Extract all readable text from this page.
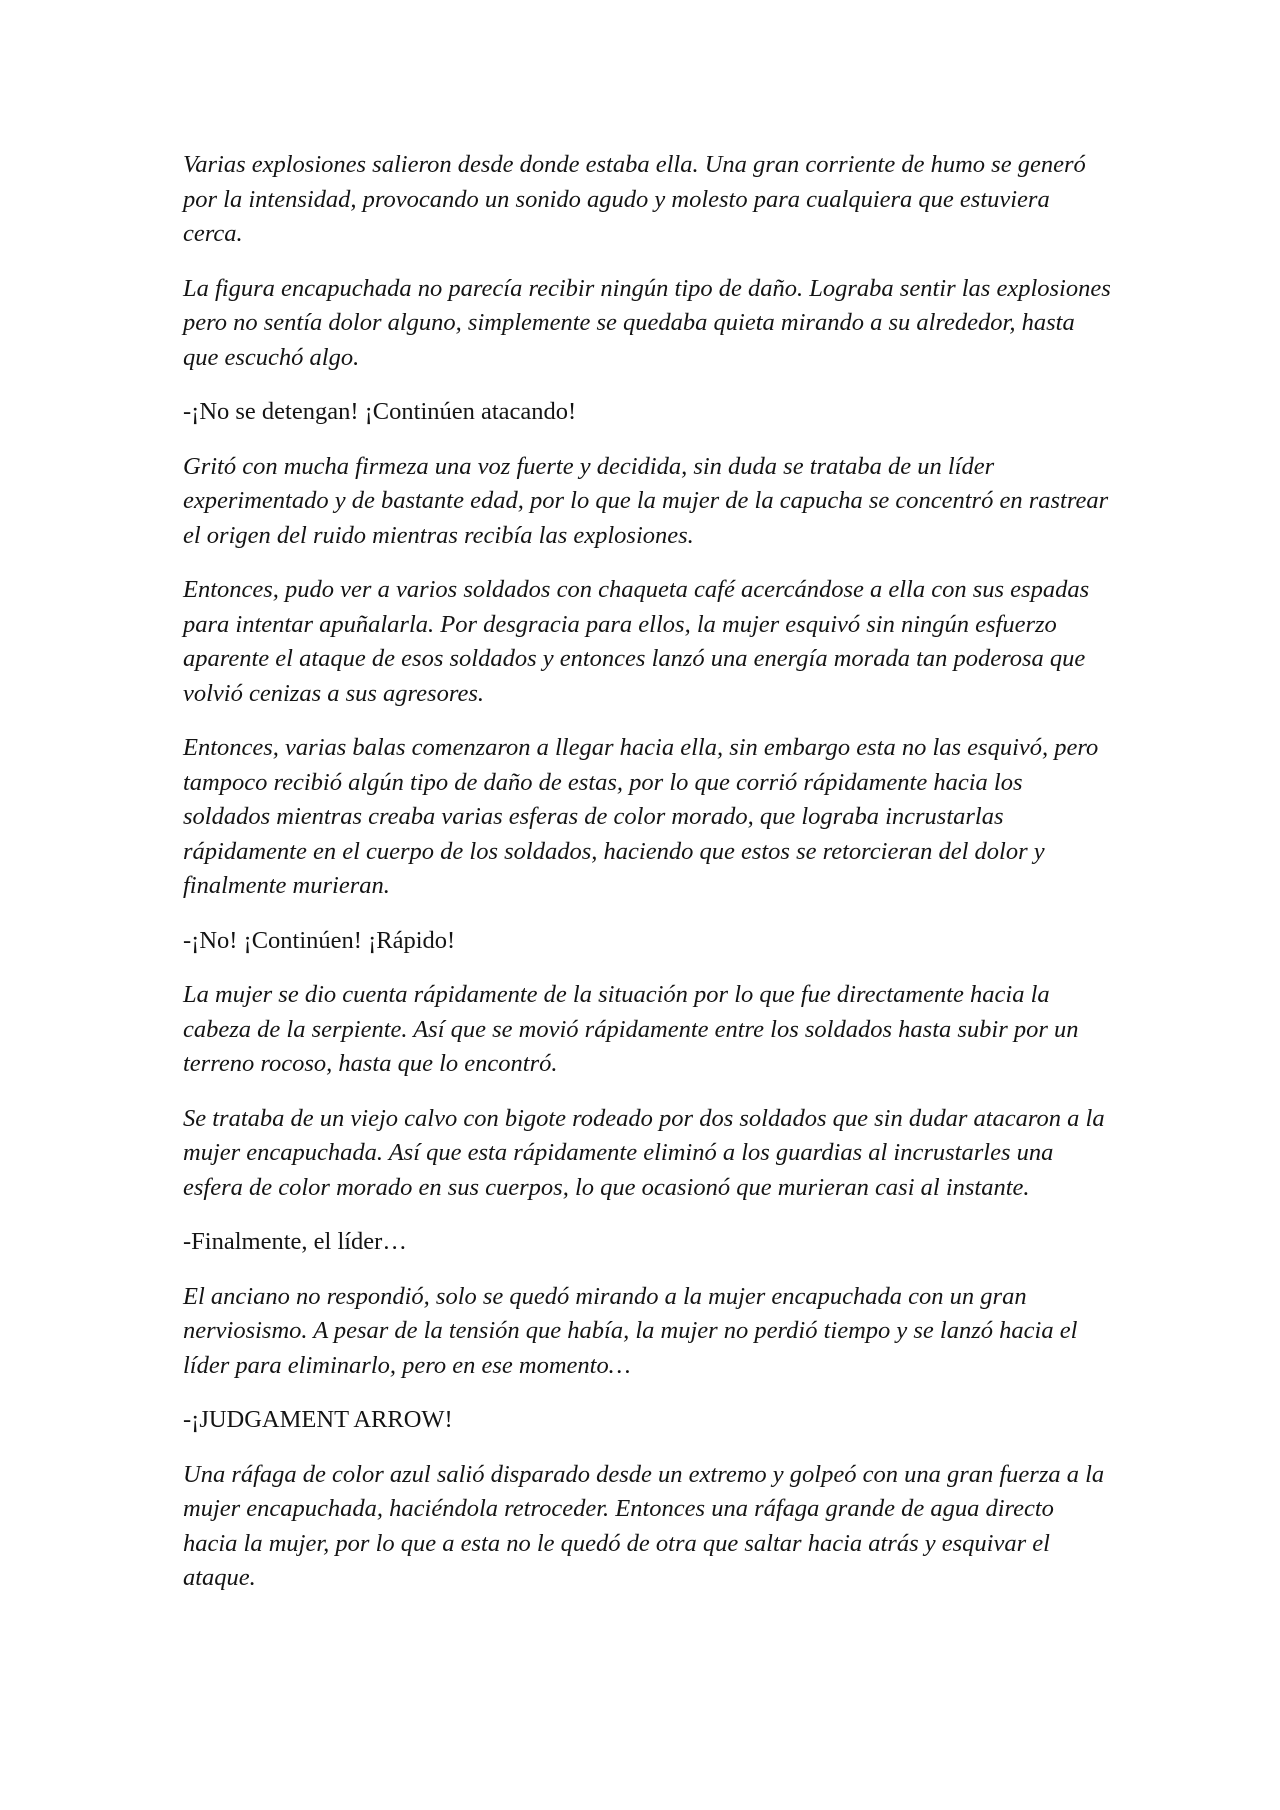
Varias explosiones salieron desde donde estaba ella. Una gran corriente de humo se generó por la intensidad, provocando un sonido agudo y molesto para cualquiera que estuviera cerca.

La figura encapuchada no parecía recibir ningún tipo de daño. Lograba sentir las explosiones pero no sentía dolor alguno, simplemente se quedaba quieta mirando a su alrededor, hasta que escuchó algo.

-¡No se detengan! ¡Continúen atacando!

Gritó con mucha firmeza una voz fuerte y decidida, sin duda se trataba de un líder experimentado y de bastante edad, por lo que la mujer de la capucha se concentró en rastrear el origen del ruido mientras recibía las explosiones.

Entonces, pudo ver a varios soldados con chaqueta café acercándose a ella con sus espadas para intentar apuñalarla. Por desgracia para ellos, la mujer esquivó sin ningún esfuerzo aparente el ataque de esos soldados y entonces lanzó una energía morada tan poderosa que volvió cenizas a sus agresores.

Entonces, varias balas comenzaron a llegar hacia ella, sin embargo esta no las esquivó, pero tampoco recibió algún tipo de daño de estas, por lo que corrió rápidamente hacia los soldados mientras creaba varias esferas de color morado, que lograba incrustarlas rápidamente en el cuerpo de los soldados, haciendo que estos se retorcieran del dolor y finalmente murieran.

-¡No! ¡Continúen! ¡Rápido!

La mujer se dio cuenta rápidamente de la situación por lo que fue directamente hacia la cabeza de la serpiente. Así que se movió rápidamente entre los soldados hasta subir por un terreno rocoso, hasta que lo encontró.

Se trataba de un viejo calvo con bigote rodeado por dos soldados que sin dudar atacaron a la mujer encapuchada. Así que esta rápidamente eliminó a los guardias al incrustarles una esfera de color morado en sus cuerpos, lo que ocasionó que murieran casi al instante.

-Finalmente, el líder…

El anciano no respondió, solo se quedó mirando a la mujer encapuchada con un gran nerviosismo. A pesar de la tensión que había, la mujer no perdió tiempo y se lanzó hacia el líder para eliminarlo, pero en ese momento…

-¡JUDGAMENT ARROW!

Una ráfaga de color azul salió disparado desde un extremo y golpeó con una gran fuerza a la mujer encapuchada, haciéndola retroceder. Entonces una ráfaga grande de agua directo hacia la mujer, por lo que a esta no le quedó de otra que saltar hacia atrás y esquivar el ataque.
